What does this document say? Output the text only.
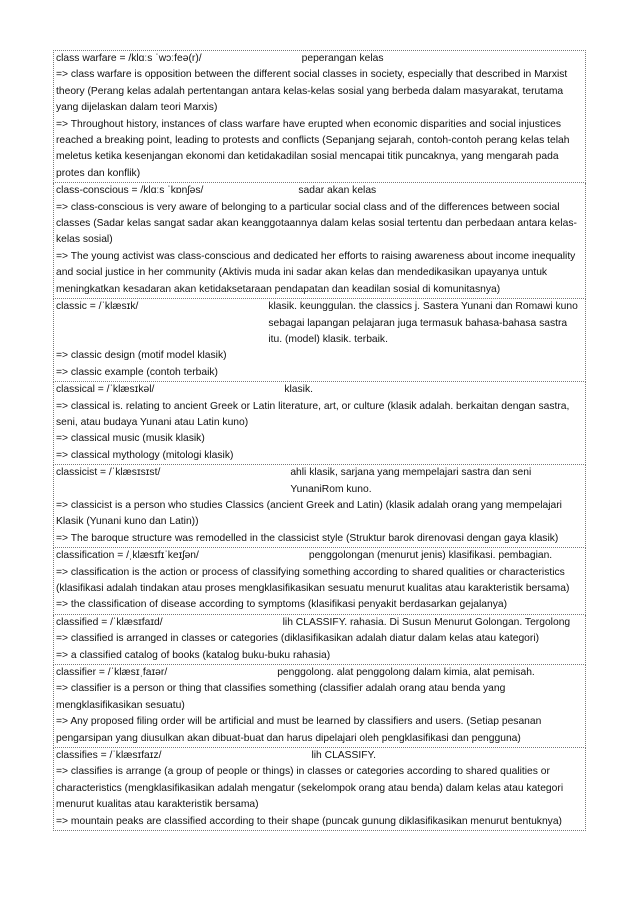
class warfare = /klɑːs ˈwɔːfeə(r)/	peperangan kelas
=> class warfare is opposition between the different social classes in society, especially that described in Marxist theory (Perang kelas adalah pertentangan antara kelas-kelas sosial yang berbeda dalam masyarakat, terutama yang dijelaskan dalam teori Marxis)
=> Throughout history, instances of class warfare have erupted when economic disparities and social injustices reached a breaking point, leading to protests and conflicts (Sepanjang sejarah, contoh-contoh perang kelas telah meletus ketika kesenjangan ekonomi dan ketidakadilan sosial mencapai titik puncaknya, yang mengarah pada protes dan konflik)
class-conscious = /klɑːs ˈkɒnʃəs/	sadar akan kelas
=> class-conscious is very aware of belonging to a particular social class and of the differences between social classes (Sadar kelas sangat sadar akan keanggotaannya dalam kelas sosial tertentu dan perbedaan antara kelas-kelas sosial)
=> The young activist was class-conscious and dedicated her efforts to raising awareness about income inequality and social justice in her community (Aktivis muda ini sadar akan kelas dan mendedikasikan upayanya untuk meningkatkan kesadaran akan ketidaksetaraan pendapatan dan keadilan sosial di komunitasnya)
classic = /ˈklæsɪk/	klasik. keunggulan. the classics j. Sastera Yunani dan Romawi kuno sebagai lapangan pelajaran juga termasuk bahasa-bahasa sastra itu. (model) klasik. terbaik.
=> classic design (motif model klasik)
=> classic example (contoh terbaik)
classical = /ˈklæsɪkəl/	klasik.
=> classical is. relating to ancient Greek or Latin literature, art, or culture (klasik adalah. berkaitan dengan sastra, seni, atau budaya Yunani atau Latin kuno)
=> classical music (musik klasik)
=> classical mythology (mitologi klasik)
classicist = /ˈklæsɪsɪst/	ahli klasik, sarjana yang mempelajari sastra dan seni YunaniRom kuno.
=> classicist is a person who studies Classics (ancient Greek and Latin) (klasik adalah orang yang mempelajari Klasik (Yunani kuno dan Latin))
=> The baroque structure was remodelled in the classicist style (Struktur barok direnovasi dengan gaya klasik)
classification = /ˌklæsɪfɪˈkeɪʃən/	penggolongan (menurut jenis) klasifikasi. pembagian.
=> classification is the action or process of classifying something according to shared qualities or characteristics (klasifikasi adalah tindakan atau proses mengklasifikasikan sesuatu menurut kualitas atau karakteristik bersama)
=> the classification of disease according to symptoms (klasifikasi penyakit berdasarkan gejalanya)
classified = /ˈklæsɪfaɪd/	lih CLASSIFY. rahasia. Di Susun Menurut Golongan. Tergolong
=> classified is arranged in classes or categories (diklasifikasikan adalah diatur dalam kelas atau kategori)
=> a classified catalog of books (katalog buku-buku rahasia)
classifier = /ˈklæsɪˌfaɪər/	penggolong. alat penggolong dalam kimia, alat pemisah.
=> classifier is a person or thing that classifies something (classifier adalah orang atau benda yang mengklasifikasikan sesuatu)
=> Any proposed filing order will be artificial and must be learned by classifiers and users. (Setiap pesanan pengarsipan yang diusulkan akan dibuat-buat dan harus dipelajari oleh pengklasifikasi dan pengguna)
classifies = /ˈklæsɪfaɪz/	lih CLASSIFY.
=> classifies is arrange (a group of people or things) in classes or categories according to shared qualities or characteristics (mengklasifikasikan adalah mengatur (sekelompok orang atau benda) dalam kelas atau kategori menurut kualitas atau karakteristik bersama)
=> mountain peaks are classified according to their shape (puncak gunung diklasifikasikan menurut bentuknya)
